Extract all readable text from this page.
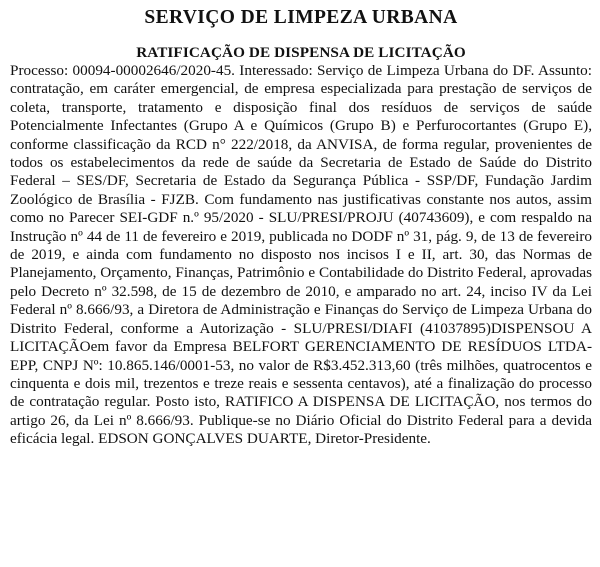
SERVIÇO DE LIMPEZA URBANA
RATIFICAÇÃO DE DISPENSA DE LICITAÇÃO

Processo: 00094-00002646/2020-45. Interessado: Serviço de Limpeza Urbana do DF. Assunto: contratação, em caráter emergencial, de empresa especializada para prestação de serviços de coleta, transporte, tratamento e disposição final dos resíduos de serviços de saúde Potencialmente Infectantes (Grupo A e Químicos (Grupo B) e Perfurocortantes (Grupo E), conforme classificação da RCD n° 222/2018, da ANVISA, de forma regular, provenientes de todos os estabelecimentos da rede de saúde da Secretaria de Estado de Saúde do Distrito Federal – SES/DF, Secretaria de Estado da Segurança Pública - SSP/DF, Fundação Jardim Zoológico de Brasília - FJZB. Com fundamento nas justificativas constante nos autos, assim como no Parecer SEI-GDF n.º 95/2020 - SLU/PRESI/PROJU (40743609), e com respaldo na Instrução nº 44 de 11 de fevereiro e 2019, publicada no DODF nº 31, pág. 9, de 13 de fevereiro de 2019, e ainda com fundamento no disposto nos incisos I e II, art. 30, das Normas de Planejamento, Orçamento, Finanças, Patrimônio e Contabilidade do Distrito Federal, aprovadas pelo Decreto nº 32.598, de 15 de dezembro de 2010, e amparado no art. 24, inciso IV da Lei Federal nº 8.666/93, a Diretora de Administração e Finanças do Serviço de Limpeza Urbana do Distrito Federal, conforme a Autorização - SLU/PRESI/DIAFI (41037895)DISPENSOU A LICITAÇÃOem favor da Empresa BELFORT GERENCIAMENTO DE RESÍDUOS LTDA- EPP, CNPJ Nº: 10.865.146/0001-53, no valor de R$3.452.313,60 (três milhões, quatrocentos e cinquenta e dois mil, trezentos e treze reais e sessenta centavos), até a finalização do processo de contratação regular. Posto isto, RATIFICO A DISPENSA DE LICITAÇÃO, nos termos do artigo 26, da Lei nº 8.666/93. Publique-se no Diário Oficial do Distrito Federal para a devida eficácia legal. EDSON GONÇALVES DUARTE, Diretor-Presidente.
